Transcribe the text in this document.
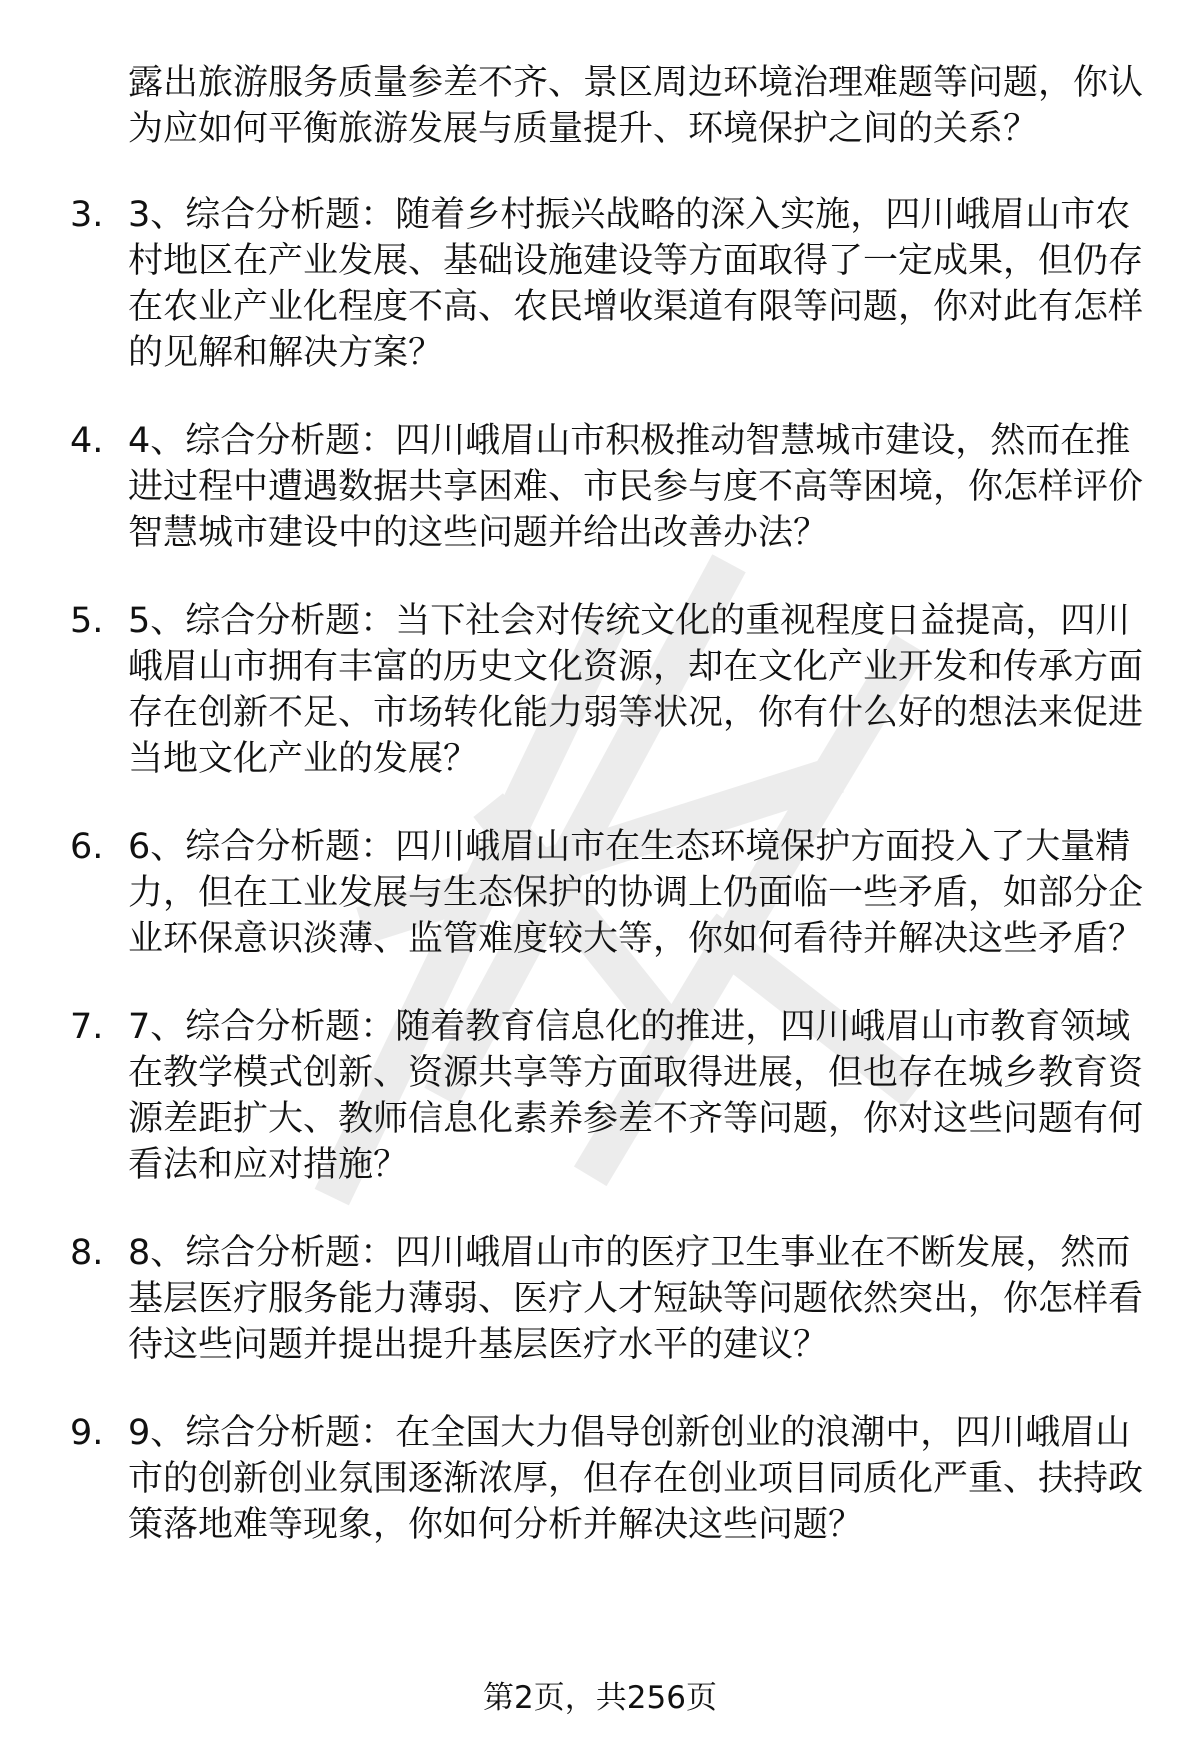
露出旅游服务质量参差不齐、景区周边环境治理难题等问题，你认为应如何平衡旅游发展与质量提升、环境保护之间的关系？
3. 3、综合分析题：随着乡村振兴战略的深入实施，四川峨眉山市农村地区在产业发展、基础设施建设等方面取得了一定成果，但仍存在农业产业化程度不高、农民增收渠道有限等问题，你对此有怎样的见解和解决方案？
4. 4、综合分析题：四川峨眉山市积极推动智慧城市建设，然而在推进过程中遭遇数据共享困难、市民参与度不高等困境，你怎样评价智慧城市建设中的这些问题并给出改善办法？
5. 5、综合分析题：当下社会对传统文化的重视程度日益提高，四川峨眉山市拥有丰富的历史文化资源，却在文化产业开发和传承方面存在创新不足、市场转化能力弱等状况，你有什么好的想法来促进当地文化产业的发展？
6. 6、综合分析题：四川峨眉山市在生态环境保护方面投入了大量精力，但在工业发展与生态保护的协调上仍面临一些矛盾，如部分企业环保意识淡薄、监管难度较大等，你如何看待并解决这些矛盾？
7. 7、综合分析题：随着教育信息化的推进，四川峨眉山市教育领域在教学模式创新、资源共享等方面取得进展，但也存在城乡教育资源差距扩大、教师信息化素养参差不齐等问题，你对这些问题有何看法和应对措施？
8. 8、综合分析题：四川峨眉山市的医疗卫生事业在不断发展，然而基层医疗服务能力薄弱、医疗人才短缺等问题依然突出，你怎样看待这些问题并提出提升基层医疗水平的建议？
9. 9、综合分析题：在全国大力倡导创新创业的浪潮中，四川峨眉山市的创新创业氛围逐渐浓厚，但存在创业项目同质化严重、扶持政策落地难等现象，你如何分析并解决这些问题？
第2页，共256页
